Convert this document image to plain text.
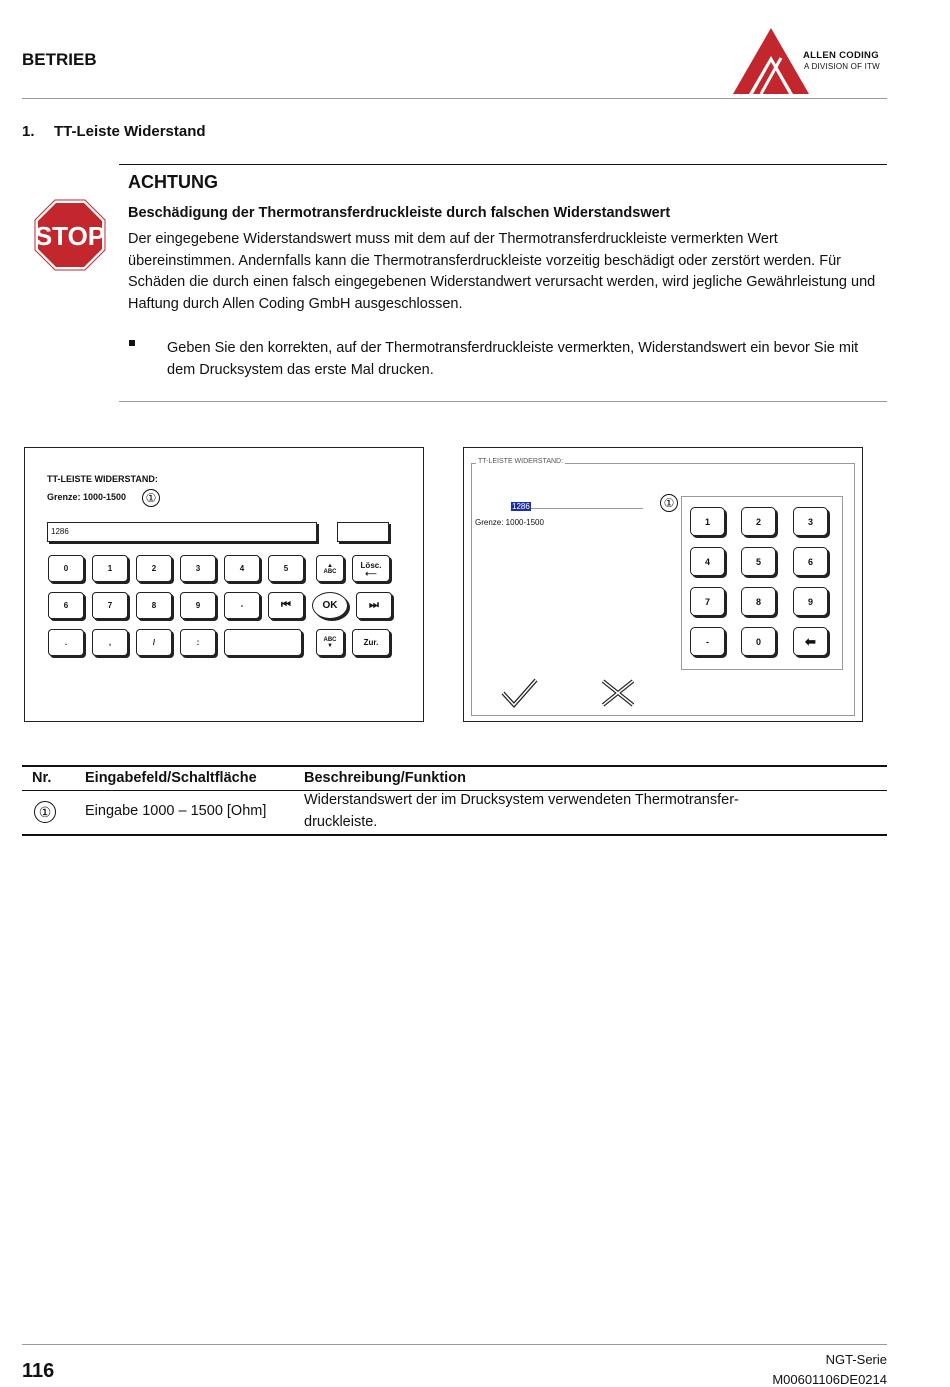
BETRIEB	ALLEN CODING
A DIVISION OF ITW
1. TT-Leiste Widerstand
STOP
ACHTUNG
Beschädigung der Thermotransferdruckleiste durch falschen Widerstandswert
Der eingegebene Widerstandswert muss mit dem auf der Thermotransferdruckleiste vermerkten Wert übereinstimmen. Andernfalls kann die Thermotransferdruckleiste vorzeitig beschädigt oder zerstört werden. Für Schäden die durch einen falsch eingegebenen Widerstandwert verursacht werden, wird jegliche Gewährleistung und Haftung durch Allen Coding GmbH ausgeschlossen.
Geben Sie den korrekten, auf der Thermotransferdruckleiste vermerkten, Widerstandswert ein bevor Sie mit dem Drucksystem das erste Mal drucken.
TT-LEISTE WIDERSTAND:
Grenze: 1000-1500	①
1286
0	1	2	3	4	5	▲
ABC
Lösc.
⟵
6	7	8	9	-	⏮	OK	⏭
.	,	/	:	ABC
▼	Zur.
TT-LEISTE WIDERSTAND:
1286
Grenze: 1000-1500
①
1	2	3
4	5	6
7	8	9
-	0	⬅
Nr. Eingabefeld/Schaltfläche	Beschreibung/Funktion
①	Eingabe 1000 – 1500 [Ohm]
Widerstandswert der im Drucksystem verwendeten Thermotransfer-
druckleiste.
116
NGT-Serie
M00601106DE0214
